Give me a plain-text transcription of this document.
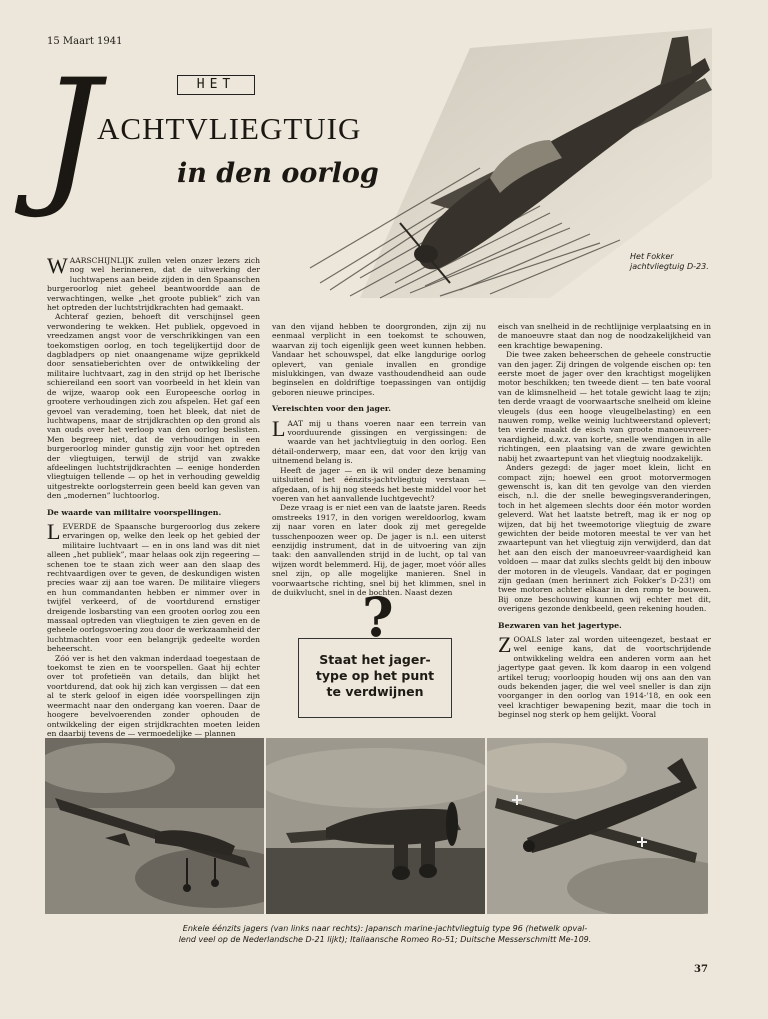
15 Maart 1941
HET
J
ACHTVLIEGTUIG
in den oorlog
Het Fokker
jachtvliegtuig D-23.

WAARSCHIJNLIJK zullen velen onzer lezers zich nog wel herinneren, dat de uitwerking der luchtwapens aan beide zijden in den Spaanschen burgeroorlog niet geheel beantwoordde aan de verwachtingen, welke „het groote publiek” zich van het optreden der luchtstrijdkrachten had gemaakt.

Achteraf gezien, behoeft dit verschijnsel geen verwondering te wekken. Het publiek, opgevoed in vreedzamen angst voor de verschrikkingen van een toekomstigen oorlog, en toch tegelijkertijd door de dagbladpers op niet onaangename wijze geprikkeld door sensatieberichten over de ontwikkeling der militaire luchtvaart, zag in den strijd op het Iberische schiereiland een soort van voorbeeld in het klein van de wijze, waarop ook een Europeesche oorlog in grootere verhoudingen zich zou afspelen. Het gaf een gevoel van verademing, toen het bleek, dat niet de luchtwapens, maar de strijdkrachten op den grond als van ouds over het verloop van den oorlog beslisten. Men begreep niet, dat de verhoudingen in een burgeroorlog minder gunstig zijn voor het optreden der vliegtuigen, terwijl de strijd van zwakke afdeelingen luchtstrijdkrachten — eenige honderden vliegtuigen tellende — op het in verhouding geweldig uitgestrekte oorlogsterrein geen beeld kan geven van den „modernen” luchtoorlog.

De waarde van militaire voorspellingen.

LEVERDE de Spaansche burgeroorlog dus zekere ervaringen op, welke den leek op het gebied der militaire luchtvaart — en in ons land was dit niet alleen „het publiek”, maar helaas ook zijn regeering — schenen toe te staan zich weer aan den slaap des rechtvaardigen over te geven, de deskundigen wisten precies waar zij aan toe waren. De militaire vliegers en hun commandanten hebben er nimmer over in twijfel verkeerd, of de voortdurend ernstiger dreigende losbarsting van een grooten oorlog zou een massaal optreden van vliegtuigen te zien geven en de geheele oorlogsvoering zou door de werkzaamheid der luchtmachten voor een belangrijk gedeelte worden beheerscht.

Zóó ver is het den vakman inderdaad toegestaan de toekomst te zien en te voorspellen. Gaat hij echter over tot profetieën van details, dan blijkt het voortdurend, dat ook hij zich kan vergissen — dat een al te sterk geloof in eigen idée voorspellingen zijn weermacht naar den ondergang kan voeren. Daar de hoogere bevelvoerenden zonder ophouden de ontwikkeling der eigen strijdkrachten moeten leiden en daarbij tevens de — vermoedelijke — plannen

van den vijand hebben te doorgronden, zijn zij nu eenmaal verplicht in een toekomst te schouwen, waarvan zij toch eigenlijk geen weet kunnen hebben. Vandaar het schouwspel, dat elke langdurige oorlog oplevert, van geniale invallen en grondige mislukkingen, van dwaze vasthoudendheid aan oude beginselen en doldriftige toepassingen van ontijdig geboren nieuwe principes.

Vereischten voor den jager.

LAAT mij u thans voeren naar een terrein van voorduurende gissingen en vergissingen: de waarde van het jachtvliegtuig in den oorlog. Een détail-onderwerp, maar een, dat voor den krijg van uitnemend belang is.

Heeft de jager — en ik wil onder deze benaming uitsluitend het éénzits-jachtvliegtuig verstaan — afgedaan, of is hij nog steeds het beste middel voor het voeren van het aanvallende luchtgevecht?

Deze vraag is er niet een van de laatste jaren. Reeds omstreeks 1917, in den vorigen wereldoorlog, kwam zij naar voren en later dook zij met geregelde tusschenpoozen weer op. De jager is n.l. een uiterst eenzijdig instrument, dat in de uitvoering van zijn taak: den aanvallenden strijd in de lucht, op tal van wijzen wordt belemmerd. Hij, de jager, moet vóór alles snel zijn, op alle mogelijke manieren. Snel in voorwaartsche richting, snel bij het klimmen, snel in de duikvlucht, snel in de bochten. Naast dezen

?
Staat het jager-
type op het punt
te verdwijnen

eisch van snelheid in de rechtlijnige verplaatsing en in de manoeuvre staat dan nog de noodzakelijkheid van een krachtige bewapening.

Die twee zaken beheerschen de geheele constructie van den jager. Zij dringen de volgende eischen op: ten eerste moet de jager over den krachtigst mogelijken motor beschikken; ten tweede dient — ten bate vooral van de klimsnelheid — het totale gewicht laag te zijn; ten derde vraagt de voorwaartsche snelheid om kleine vleugels (dus een hooge vleugelbelasting) en een nauwen romp, welke weinig luchtweerstand oplevert; ten vierde maakt de eisch van groote manoeuvreer-vaardigheid, d.w.z. van korte, snelle wendingen in alle richtingen, een plaatsing van de zware gewichten nabij het zwaartepunt van het vliegtuig noodzakelijk.

Anders gezegd: de jager moet klein, licht en compact zijn; hoewel een groot motorvermogen gewenscht is, kan dit ten gevolge van den vierden eisch, n.l. die der snelle bewegingsveranderingen, toch in het algemeen slechts door één motor worden geleverd. Wat het laatste betreft, mag ik er nog op wijzen, dat bij het tweemotorige vliegtuig de zware gewichten der beide motoren meestal te ver van het zwaartepunt van het vliegtuig zijn verwijderd, dan dat het aan den eisch der manoeuvreer-vaardigheid kan voldoen — maar dat zulks slechts geldt bij den inbouw der motoren in de vleugels. Vandaar, dat er pogingen zijn gedaan (men herinnert zich Fokker's D-23!) om twee motoren achter elkaar in den romp te bouwen. Bij onze beschouwing kunnen wij echter met dit, overigens gezonde denkbeeld, geen rekening houden.

Bezwaren van het jagertype.

ZOOALS later zal worden uiteengezet, bestaat er wel eenige kans, dat de voortschrijdende ontwikkeling weldra een anderen vorm aan het jagertype gaat geven. Ik kom daarop in een volgend artikel terug; voorloopig houden wij ons aan den van ouds bekenden jager, die wel veel sneller is dan zijn voorganger in den oorlog van 1914-'18, en ook een veel krachtiger bewapening bezit, maar die toch in beginsel nog sterk op hem gelijkt. Vooral

Enkele éénzits jagers (van links naar rechts): Japansch marine-jachtvliegtuig type 96 (hetwelk opval-
lend veel op de Nederlandsche D-21 lijkt); Italiaansche Romeo Ro-51; Duitsche Messerschmitt Me-109.
37
